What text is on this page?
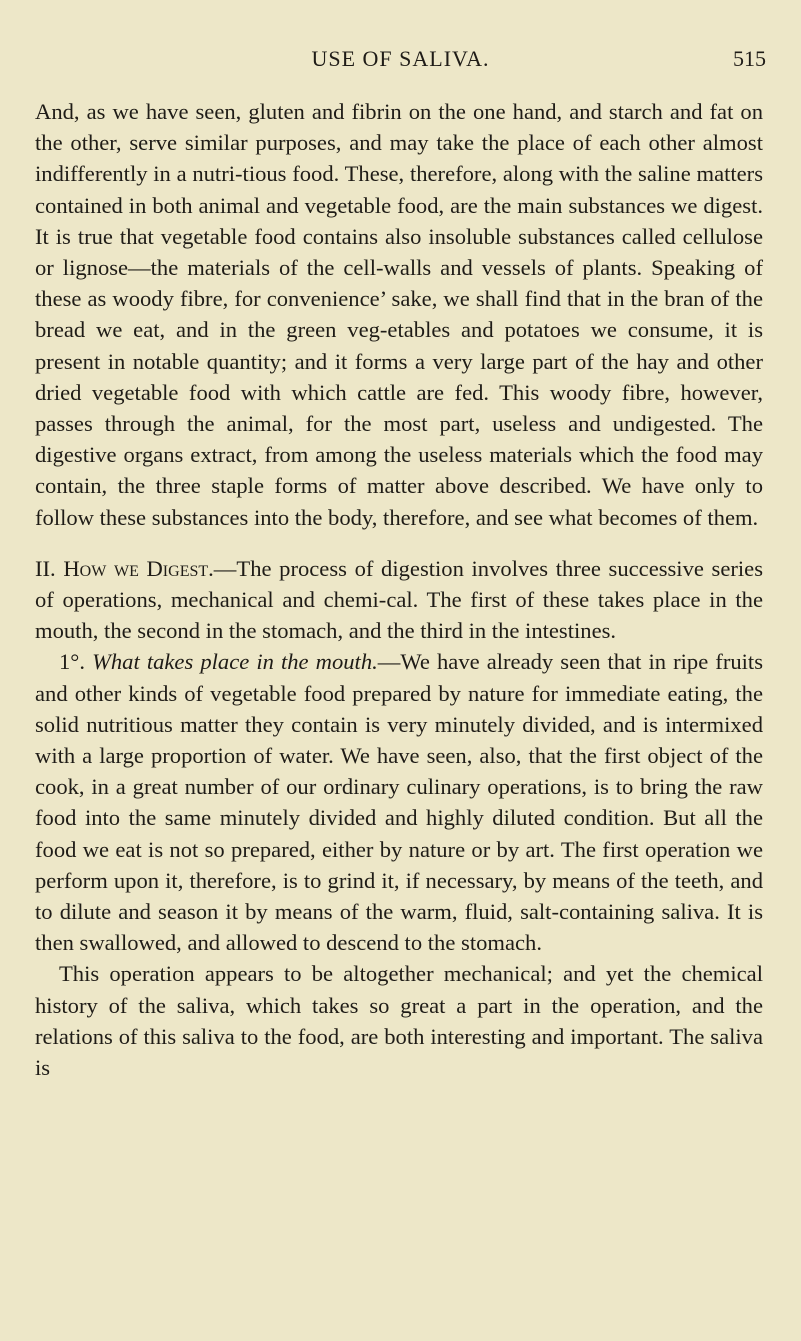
USE OF SALIVA.	515

And, as we have seen, gluten and fibrin on the one hand, and starch and fat on the other, serve similar purposes, and may take the place of each other almost indifferently in a nutri-tious food. These, therefore, along with the saline matters contained in both animal and vegetable food, are the main substances we digest. It is true that vegetable food contains also insoluble substances called cellulose or lignose—the materials of the cell-walls and vessels of plants. Speaking of these as woody fibre, for convenience’ sake, we shall find that in the bran of the bread we eat, and in the green veg-etables and potatoes we consume, it is present in notable quantity; and it forms a very large part of the hay and other dried vegetable food with which cattle are fed. This woody fibre, however, passes through the animal, for the most part, useless and undigested. The digestive organs extract, from among the useless materials which the food may contain, the three staple forms of matter above described. We have only to follow these substances into the body, therefore, and see what becomes of them.

II. How we Digest.—The process of digestion involves three successive series of operations, mechanical and chemi-cal. The first of these takes place in the mouth, the second in the stomach, and the third in the intestines.

1°. What takes place in the mouth.—We have already seen that in ripe fruits and other kinds of vegetable food prepared by nature for immediate eating, the solid nutritious matter they contain is very minutely divided, and is intermixed with a large proportion of water. We have seen, also, that the first object of the cook, in a great number of our ordinary culinary operations, is to bring the raw food into the same minutely divided and highly diluted condition. But all the food we eat is not so prepared, either by nature or by art. The first operation we perform upon it, therefore, is to grind it, if necessary, by means of the teeth, and to dilute and season it by means of the warm, fluid, salt-containing saliva. It is then swallowed, and allowed to descend to the stomach.

This operation appears to be altogether mechanical; and yet the chemical history of the saliva, which takes so great a part in the operation, and the relations of this saliva to the food, are both interesting and important. The saliva is
